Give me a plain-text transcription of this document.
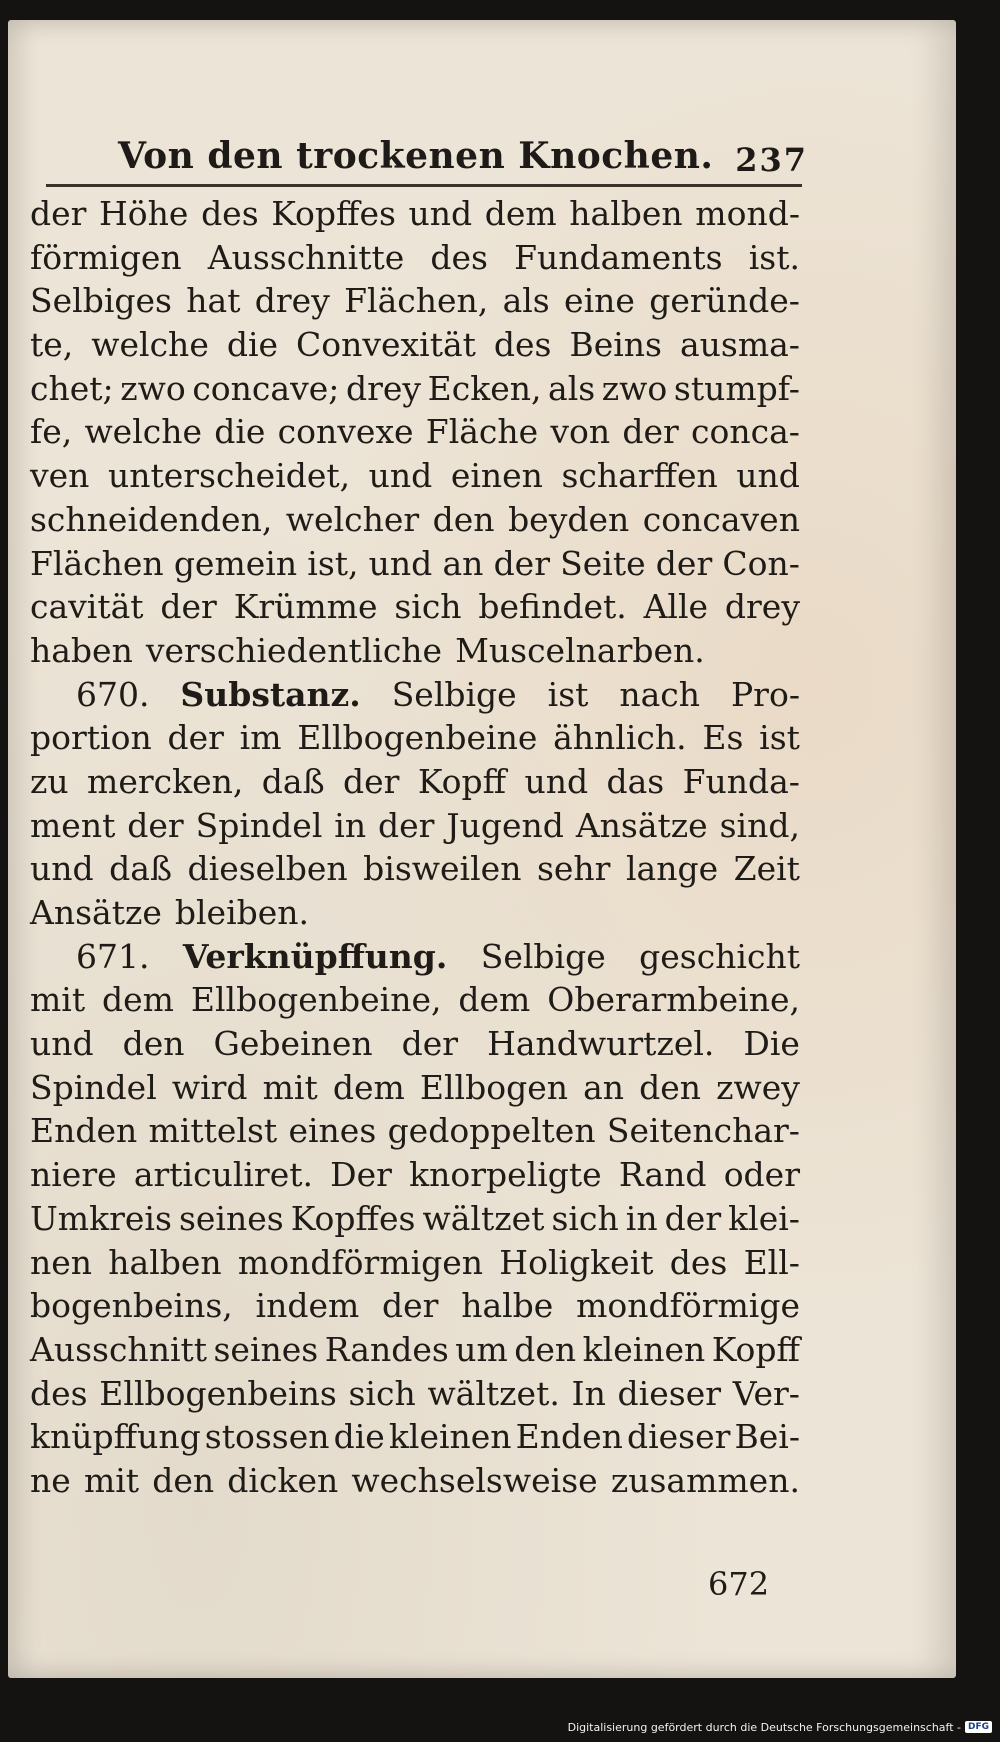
Von den trockenen Knochen. 237
der Höhe des Kopffes und dem halben mond-
förmigen Ausschnitte des Fundaments ist.
Selbiges hat drey Flächen, als eine geründe-
te, welche die Convexität des Beins ausma-
chet; zwo concave; drey Ecken, als zwo stumpf-
fe, welche die convexe Fläche von der conca-
ven unterscheidet, und einen scharffen und
schneidenden, welcher den beyden concaven
Flächen gemein ist, und an der Seite der Con-
cavität der Krümme sich befindet. Alle drey
haben verschiedentliche Muscelnarben.
670. Substanz. Selbige ist nach Pro-
portion der im Ellbogenbeine ähnlich. Es ist
zu mercken, daß der Kopff und das Funda-
ment der Spindel in der Jugend Ansätze sind,
und daß dieselben bisweilen sehr lange Zeit
Ansätze bleiben.
671. Verknüpffung. Selbige geschicht
mit dem Ellbogenbeine, dem Oberarmbeine,
und den Gebeinen der Handwurtzel. Die
Spindel wird mit dem Ellbogen an den zwey
Enden mittelst eines gedoppelten Seitenchar-
niere articuliret. Der knorpeligte Rand oder
Umkreis seines Kopffes wältzet sich in der klei-
nen halben mondförmigen Holigkeit des Ell-
bogenbeins, indem der halbe mondförmige
Ausschnitt seines Randes um den kleinen Kopff
des Ellbogenbeins sich wältzet. In dieser Ver-
knüpffung stossen die kleinen Enden dieser Bei-
ne mit den dicken wechselsweise zusammen.
672
Digitalisierung gefördert durch die Deutsche Forschungsgemeinschaft - DFG
